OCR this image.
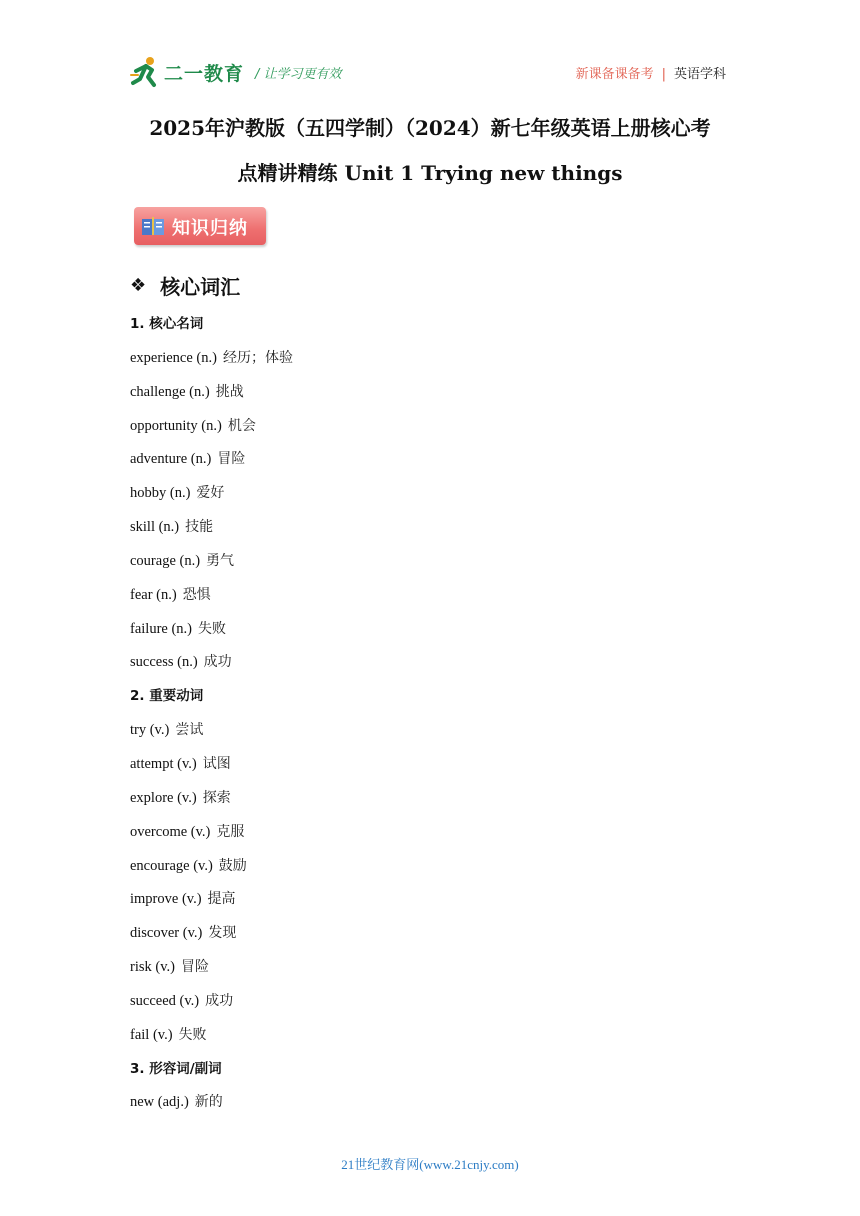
二一教育 / 让学习更有效	新课备课备考 | 英语学科
2025年沪教版（五四学制）（2024）新七年级英语上册核心考
点精讲精练 Unit 1 Trying new things
知识归纳
❖ 核心词汇
1. 核心名词
experience (n.) 经历；体验
challenge (n.) 挑战
opportunity (n.) 机会
adventure (n.) 冒险
hobby (n.) 爱好
skill (n.) 技能
courage (n.) 勇气
fear (n.) 恐惧
failure (n.) 失败
success (n.) 成功
2. 重要动词
try (v.) 尝试
attempt (v.) 试图
explore (v.) 探索
overcome (v.) 克服
encourage (v.) 鼓励
improve (v.) 提高
discover (v.) 发现
risk (v.) 冒险
succeed (v.) 成功
fail (v.) 失败
3. 形容词/副词
new (adj.) 新的
21世纪教育网(www.21cnjy.com)
